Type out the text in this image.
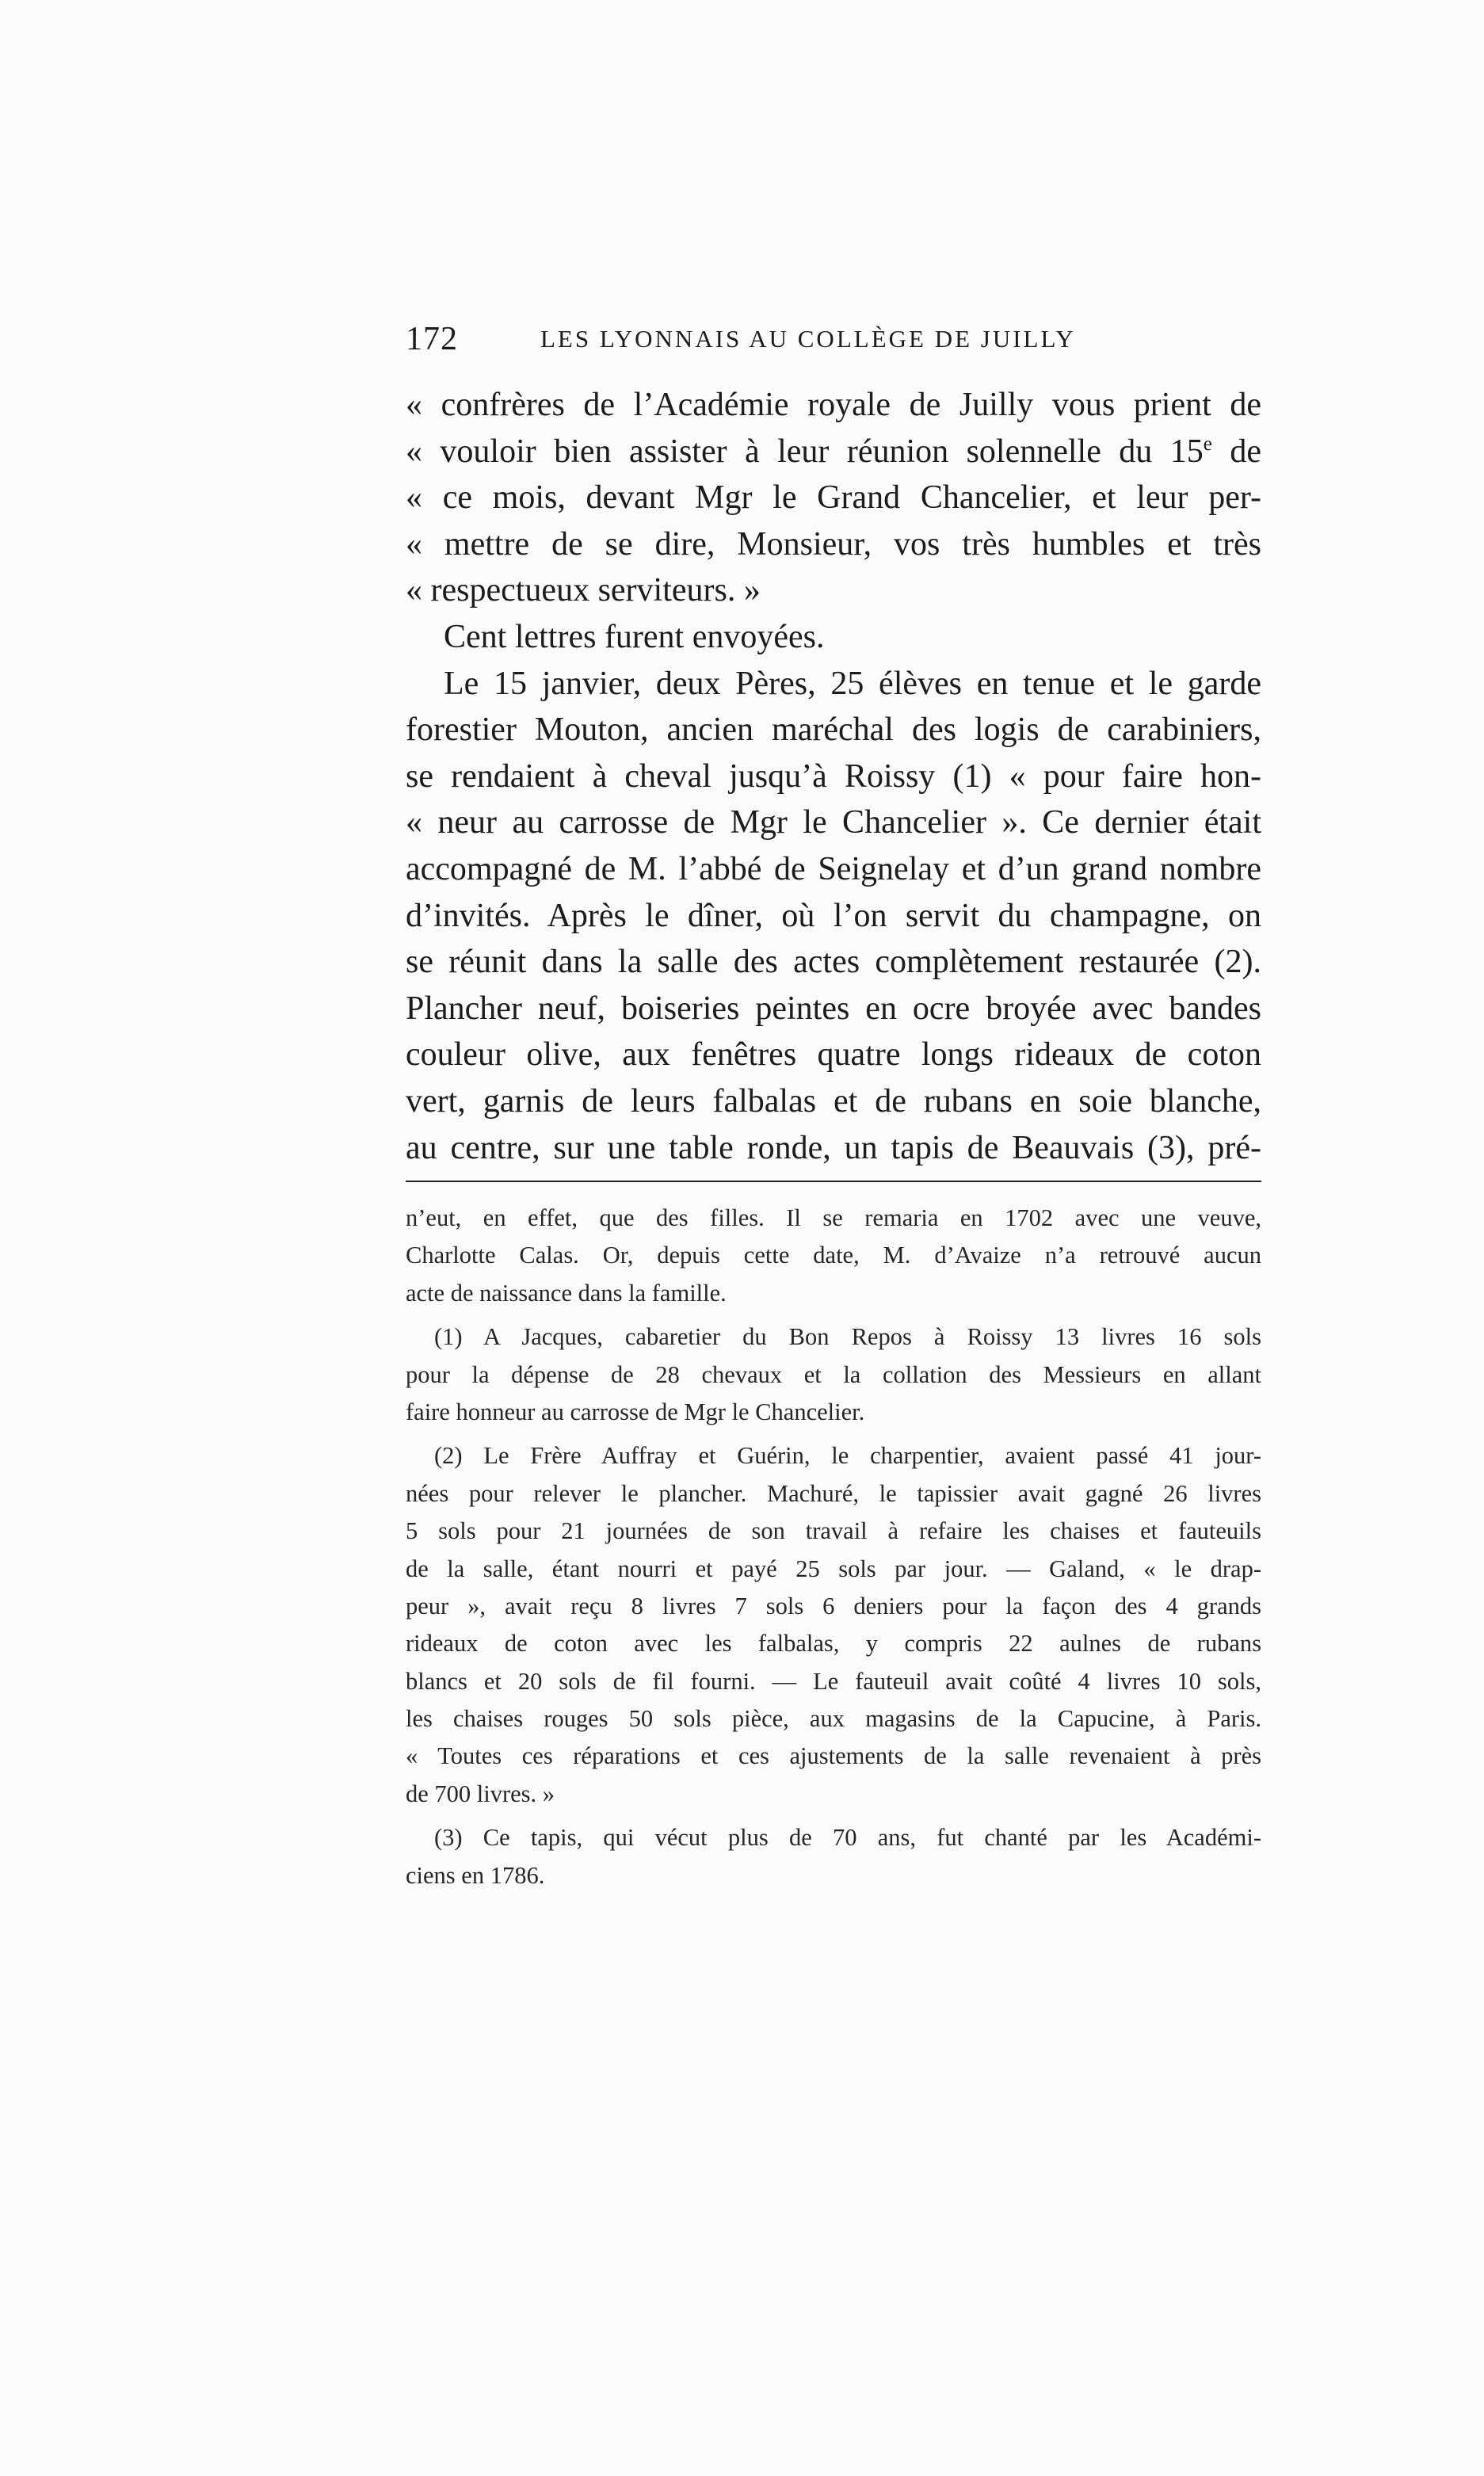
172	LES LYONNAIS AU COLLÈGE DE JUILLY
« confrères de l’Académie royale de Juilly vous prient de
« vouloir bien assister à leur réunion solennelle du 15e de
« ce mois, devant Mgr le Grand Chancelier, et leur per-
« mettre de se dire, Monsieur, vos très humbles et très
« respectueux serviteurs. »
Cent lettres furent envoyées.
Le 15 janvier, deux Pères, 25 élèves en tenue et le garde
forestier Mouton, ancien maréchal des logis de carabiniers,
se rendaient à cheval jusqu’à Roissy (1) « pour faire hon-
« neur au carrosse de Mgr le Chancelier ». Ce dernier était
accompagné de M. l’abbé de Seignelay et d’un grand nombre
d’invités. Après le dîner, où l’on servit du champagne, on
se réunit dans la salle des actes complètement restaurée (2).
Plancher neuf, boiseries peintes en ocre broyée avec bandes
couleur olive, aux fenêtres quatre longs rideaux de coton
vert, garnis de leurs falbalas et de rubans en soie blanche,
au centre, sur une table ronde, un tapis de Beauvais (3), pré-
n’eut, en effet, que des filles. Il se remaria en 1702 avec une veuve,
Charlotte Calas. Or, depuis cette date, M. d’Avaize n’a retrouvé aucun
acte de naissance dans la famille.
(1) A Jacques, cabaretier du Bon Repos à Roissy 13 livres 16 sols
pour la dépense de 28 chevaux et la collation des Messieurs en allant
faire honneur au carrosse de Mgr le Chancelier.
(2) Le Frère Auffray et Guérin, le charpentier, avaient passé 41 jour-
nées pour relever le plancher. Machuré, le tapissier avait gagné 26 livres
5 sols pour 21 journées de son travail à refaire les chaises et fauteuils
de la salle, étant nourri et payé 25 sols par jour. — Galand, « le drap-
peur », avait reçu 8 livres 7 sols 6 deniers pour la façon des 4 grands
rideaux de coton avec les falbalas, y compris 22 aulnes de rubans
blancs et 20 sols de fil fourni. — Le fauteuil avait coûté 4 livres 10 sols,
les chaises rouges 50 sols pièce, aux magasins de la Capucine, à Paris.
« Toutes ces réparations et ces ajustements de la salle revenaient à près
de 700 livres. »
(3) Ce tapis, qui vécut plus de 70 ans, fut chanté par les Académi-
ciens en 1786.
